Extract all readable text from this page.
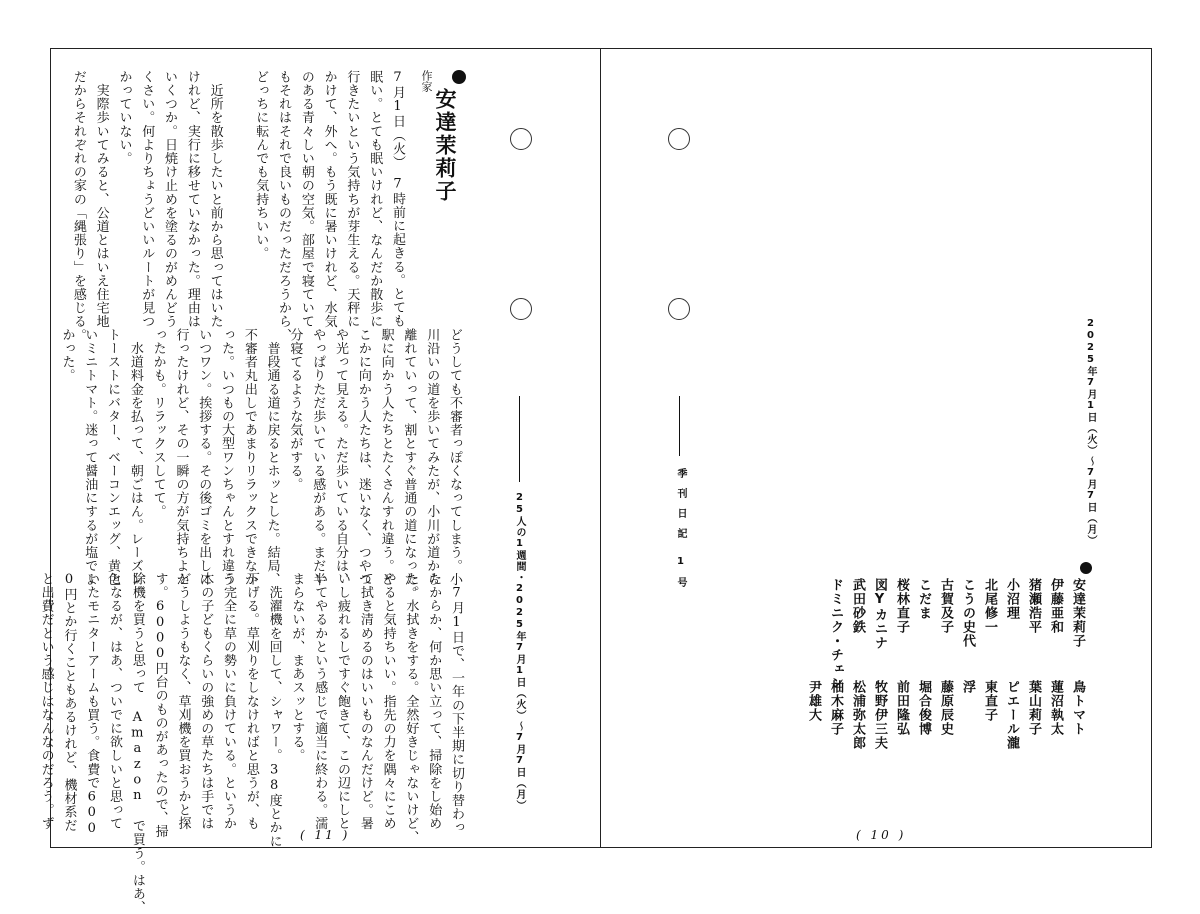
安達茉莉子
作家
7月1日（火）　7時前に起きる。とても
眠い。とても眠いけれど、なんだか散歩に
行きたいという気持ちが芽生える。天秤に
かけて、外へ。もう既に暑いけれど、水気
のある青々しい朝の空気。部屋で寝ていて
もそれはそれで良いものだっただろうから、
どっちに転んでも気持ちいい。

　近所を散歩したいと前から思ってはいた
けれど、実行に移せていなかった。理由は
いくつか。日焼け止めを塗るのがめんどう
くさい。何よりちょうどいいルートが見つ
かっていない。
　実際歩いてみると、公道とはいえ住宅地
だからそれぞれの家の「縄張り」を感じる。
どうしても不審者っぽくなってしまう。小
川沿いの道を歩いてみたが、小川が道から
離れていって、割とすぐ普通の道になった。
駅に向かう人たちとたくさんすれ違う。ど
こかに向かう人たちは、迷いなく、つやつ
や光って見える。ただ歩いている自分は、
やっぱりただ歩いている感がある。まだ半
分寝てるような気がする。
　普段通る道に戻るとホッとした。結局、
不審者丸出しであまりリラックスできなか
った。いつもの大型ワンちゃんとすれ違う。
いつワン。挨拶する。その後ゴミを出しに
行ったけれど、その一瞬の方が気持ちよか
ったかも。リラックスしてて。
　水道料金を払って、朝ごはん。レーズン
トーストにバター、ベーコンエッグ、黄色
いミニトマト。迷って醤油にするが塩でよ
かった。
　7月1日で、一年の下半期に切り替わっ
たからか、何か思い立って、掃除をし始め
た。水拭きをする。全然好きじゃないけど、
やると気持ちいい。指先の力を隅々にこめ
て拭き清めるのはいいものなんだけど。暑
いし疲れるしですぐ飽きて、この辺にしと
いてやるかという感じで適当に終わる。濡
まらないが、まあスッとする。
　洗濯機を回して、シャワー。38度とかに
下げる。草刈りをしなければと思うが、も
う完全に草の勢いに負けている。というか
木の子どもくらいの強めの草たちは手では
どうしようもなく、草刈機を買おうかと探
す。6000円台のものがあったので、掃
除機を買うと思って Amazon で買う。はあ、
となるが、はあ、ついでに欲しいと思って
いたモニターアームも買う。食費で600
0円とか行くこともあるけれど、機材系だ
と出費だという感じはなんなのだろう。ず	25人の1週間・2025年7月1日（火）〜7月7日（月）
( 11 )
2025年7月1日（火）〜7月7日（月）
季刊日記
1号
安達茉莉子
伊藤亜和
猪瀬浩平
小沼理
北尾修一
こうの史代
古賀及子
こだま
桜林直子
図Yカニナ
武田砂鉄
ドミニク・チェン
鳥トマト
蓮沼執太
葉山莉子
ピエール瀧
東直子
浮
藤原辰史
堀合俊博
前田隆弘
牧野伊三夫
松浦弥太郎
柚木麻子
尹雄大
( 10 )
